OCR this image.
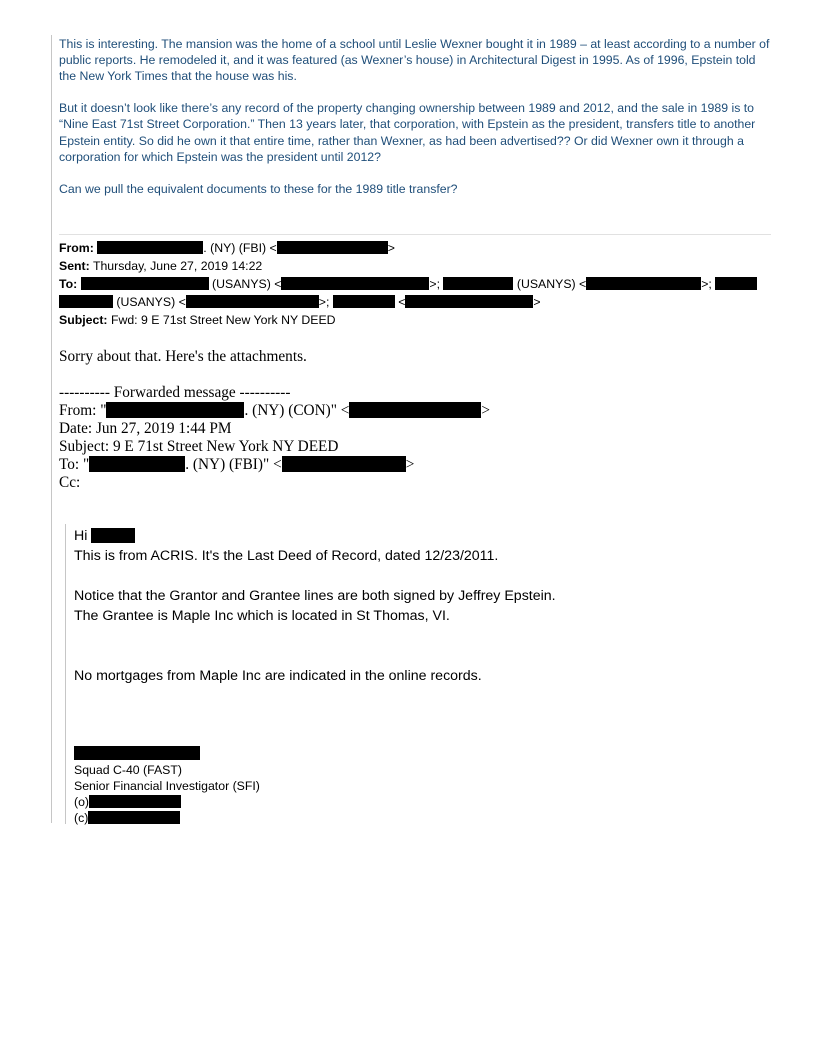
This is interesting. The mansion was the home of a school until Leslie Wexner bought it in 1989 – at least according to a number of public reports. He remodeled it, and it was featured (as Wexner’s house) in Architectural Digest in 1995. As of 1996, Epstein told the New York Times that the house was his.

But it doesn’t look like there’s any record of the property changing ownership between 1989 and 2012, and the sale in 1989 is to “Nine East 71st Street Corporation.” Then 13 years later, that corporation, with Epstein as the president, transfers title to another Epstein entity. So did he own it that entire time, rather than Wexner, as had been advertised?? Or did Wexner own it through a corporation for which Epstein was the president until 2012?

Can we pull the equivalent documents to these for the 1989 title transfer?

From:	. (NY) (FBI) <	>
Sent: Thursday, June 27, 2019 14:22
To:	(USANYS) <	>;	(USANYS) <	>;
(USANYS) <	>;	<	>
Subject: Fwd: 9 E 71st Street New York NY DEED
Sorry about that. Here's the attachments.
---------- Forwarded message ----------
From: "	. (NY) (CON)" <	>
Date: Jun 27, 2019 1:44 PM
Subject: 9 E 71st Street New York NY DEED
To: "	. (NY) (FBI)" <	>
Cc:
Hi
This is from ACRIS. It's the Last Deed of Record, dated 12/23/2011.
Notice that the Grantor and Grantee lines are both signed by Jeffrey Epstein.
The Grantee is Maple Inc which is located in St Thomas, VI.
No mortgages from Maple Inc are indicated in the online records.
Squad C-40 (FAST)
Senior Financial Investigator (SFI)
(o)
(c)
